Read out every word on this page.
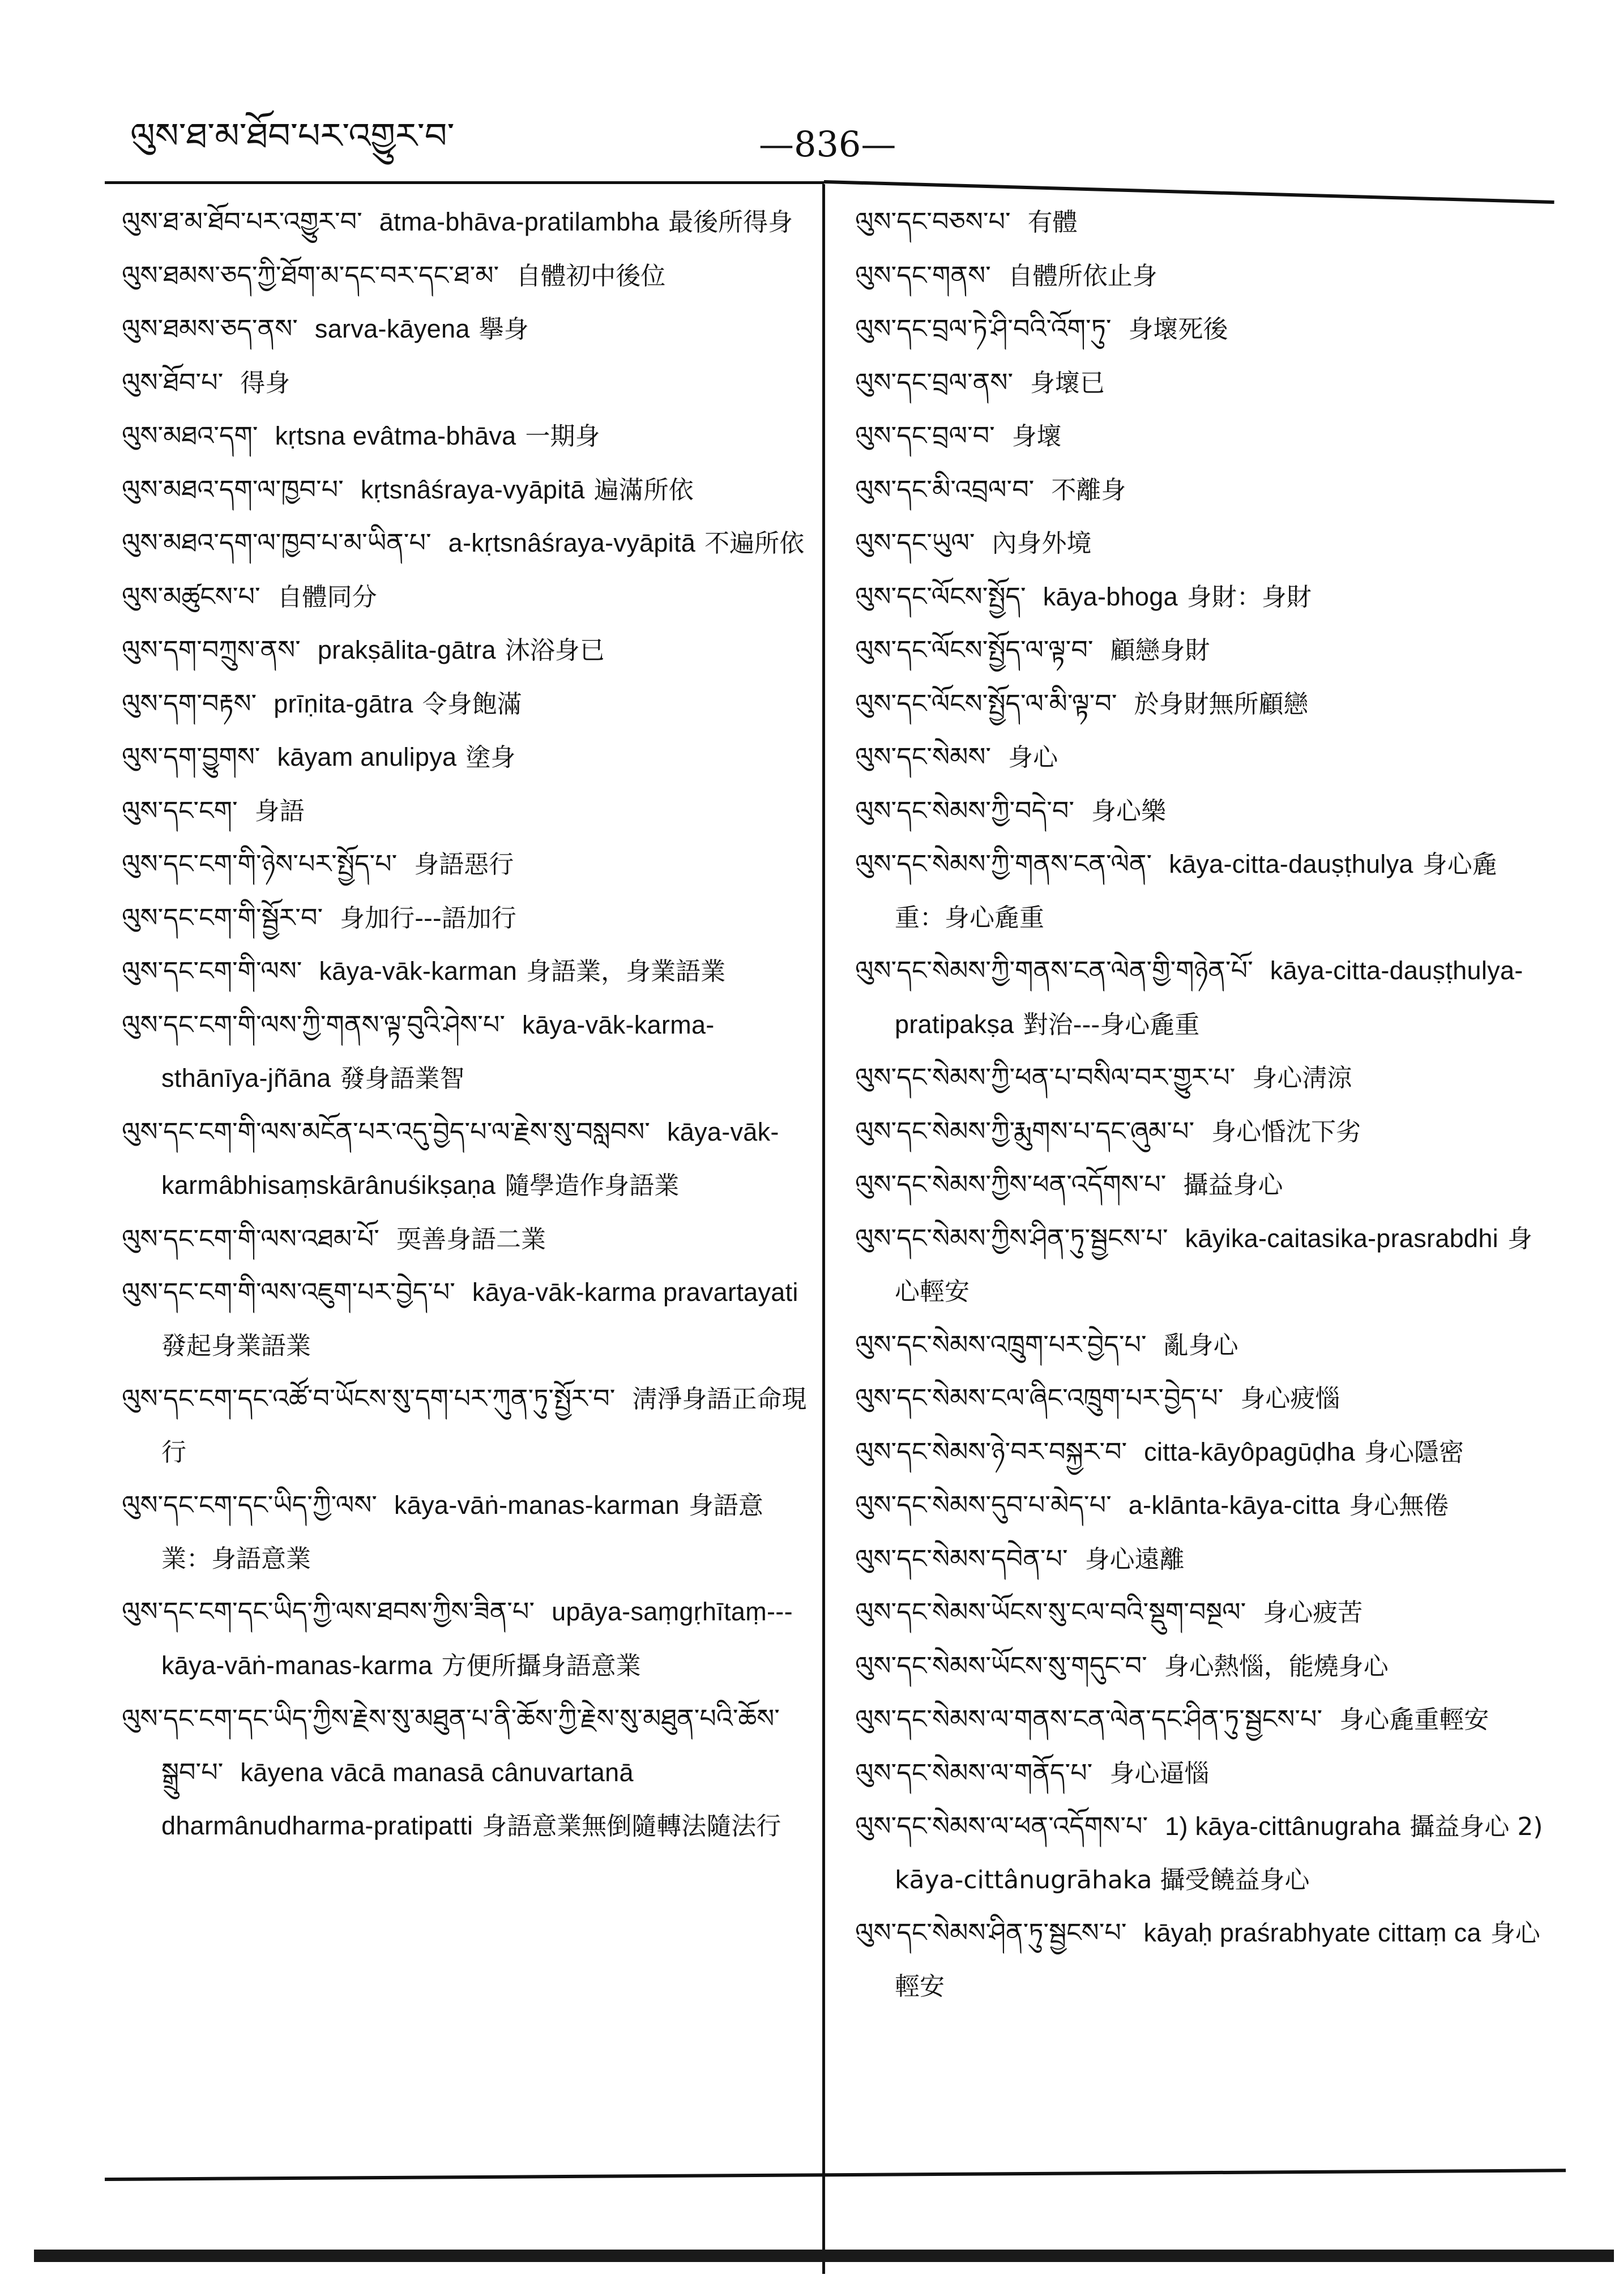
ལུས་ཐ་མ་ཐོབ་པར་འགྱུར་བ་	—836—
ལུས་ཐ་མ་ཐོབ་པར་འགྱུར་བ་ ātma-bhāva-pratilambha 最後所得身
ལུས་ཐམས་ཅད་ཀྱི་ཐོག་མ་དང་བར་དང་ཐ་མ་ 自體初中後位
ལུས་ཐམས་ཅད་ནས་ sarva-kāyena 擧身
ལུས་ཐོབ་པ་ 得身
ལུས་མཐའ་དག་ kṛtsna evâtma-bhāva 一期身
ལུས་མཐའ་དག་ལ་ཁྱབ་པ་ kṛtsnâśraya-vyāpitā 遍滿所依
ལུས་མཐའ་དག་ལ་ཁྱབ་པ་མ་ཡིན་པ་ a-kṛtsnâśraya-vyāpitā 不遍所依
ལུས་མཚུངས་པ་ 自體同分
ལུས་དག་བཀྲུས་ནས་ prakṣālita-gātra 沐浴身已
ལུས་དག་བརྟས་ prīṇita-gātra 令身飽滿
ལུས་དག་བྱུགས་ kāyam anulipya 塗身
ལུས་དང་ངག་ 身語
ལུས་དང་ངག་གི་ཉེས་པར་སྤྱོད་པ་ 身語惡行
ལུས་དང་ངག་གི་སྦྱོར་བ་ 身加行---語加行
ལུས་དང་ངག་གི་ལས་ kāya-vāk-karman 身語業，身業語業
ལུས་དང་ངག་གི་ལས་ཀྱི་གནས་ལྟ་བུའི་ཤེས་པ་ kāya-vāk-karma-sthānīya-jñāna 發身語業智
ལུས་དང་ངག་གི་ལས་མངོན་པར་འདུ་བྱེད་པ་ལ་རྗེས་སུ་བསླབས་ kāya-vāk-karmâbhisaṃskārânuśikṣaṇa 隨學造作身語業
ལུས་དང་ངག་གི་ལས་འཐམ་པོ་ 耎善身語二業
ལུས་དང་ངག་གི་ལས་འཇུག་པར་བྱེད་པ་ kāya-vāk-karma pravartayati發起身業語業
ལུས་དང་ངག་དང་འཚོ་བ་ཡོངས་སུ་དག་པར་ཀུན་ཏུ་སྤྱོར་བ་ 淸淨身語正命現行
ལུས་དང་ངག་དང་ཡིད་ཀྱི་ལས་ kāya-vāṅ-manas-karman 身語意業：身語意業
ལུས་དང་ངག་དང་ཡིད་ཀྱི་ལས་ཐབས་ཀྱིས་ཟིན་པ་ upāya-saṃgṛhītaṃ---kāya-vāṅ-manas-karma 方便所攝身語意業
ལུས་དང་ངག་དང་ཡིད་ཀྱིས་རྗེས་སུ་མཐུན་པ་ནི་ཆོས་ཀྱི་རྗེས་སུ་མཐུན་པའི་ཆོས་སྒྲུབ་པ་ kāyena vācā manasā cânuvartanā dharmânudharma-pratipatti 身語意業無倒隨轉法隨法行
ལུས་དང་བཅས་པ་ 有體
ལུས་དང་གནས་ 自體所依止身
ལུས་དང་བྲལ་ཏེ་ཤི་བའི་འོག་ཏུ་ 身壞死後
ལུས་དང་བྲལ་ནས་ 身壞已
ལུས་དང་བྲལ་བ་ 身壞
ལུས་དང་མི་འབྲལ་བ་ 不離身
ལུས་དང་ཡུལ་ 內身外境
ལུས་དང་ལོངས་སྤྱོད་ kāya-bhoga 身財：身財
ལུས་དང་ལོངས་སྤྱོད་ལ་ལྟ་བ་ 顧戀身財
ལུས་དང་ལོངས་སྤྱོད་ལ་མི་ལྟ་བ་ 於身財無所顧戀
ལུས་དང་སེམས་ 身心
ལུས་དང་སེམས་ཀྱི་བདེ་བ་ 身心樂
ལུས་དང་སེམས་ཀྱི་གནས་ངན་ལེན་ kāya-citta-dauṣṭhulya 身心麁重：身心麁重
ལུས་དང་སེམས་ཀྱི་གནས་ངན་ལེན་གྱི་གཉེན་པོ་ kāya-citta-dauṣṭhulya-pratipakṣa 對治---身心麁重
ལུས་དང་སེམས་ཀྱི་ཕན་པ་བསིལ་བར་གྱུར་པ་ 身心淸涼
ལུས་དང་སེམས་ཀྱི་རྨུགས་པ་དང་ཞུམ་པ་ 身心惛沈下劣
ལུས་དང་སེམས་ཀྱིས་ཕན་འདོགས་པ་ 攝益身心
ལུས་དང་སེམས་ཀྱིས་ཤིན་ཏུ་སྦྱངས་པ་ kāyika-caitasika-prasrabdhi 身心輕安
ལུས་དང་སེམས་འཁྲུག་པར་བྱེད་པ་ 亂身心
ལུས་དང་སེམས་ངལ་ཞིང་འཁྲུག་པར་བྱེད་པ་ 身心疲惱
ལུས་དང་སེམས་ཉེ་བར་བསྐྱར་བ་ citta-kāyôpagūḍha 身心隱密
ལུས་དང་སེམས་དུབ་པ་མེད་པ་ a-klānta-kāya-citta 身心無倦
ལུས་དང་སེམས་དབེན་པ་ 身心遠離
ལུས་དང་སེམས་ཡོངས་སུ་ངལ་བའི་སྡུག་བསྔལ་ 身心疲苦
ལུས་དང་སེམས་ཡོངས་སུ་གདུང་བ་ 身心熱惱，能燒身心
ལུས་དང་སེམས་ལ་གནས་ངན་ལེན་དང་ཤིན་ཏུ་སྦྱངས་པ་ 身心麁重輕安
ལུས་དང་སེམས་ལ་གནོད་པ་ 身心逼惱
ལུས་དང་སེམས་ལ་ཕན་འདོགས་པ་ 1) kāya-cittânugraha 攝益身心 2) kāya-cittânugrāhaka 攝受饒益身心
ལུས་དང་སེམས་ཤིན་ཏུ་སྦྱངས་པ་ kāyaḥ praśrabhyate cittaṃ ca 身心輕安
